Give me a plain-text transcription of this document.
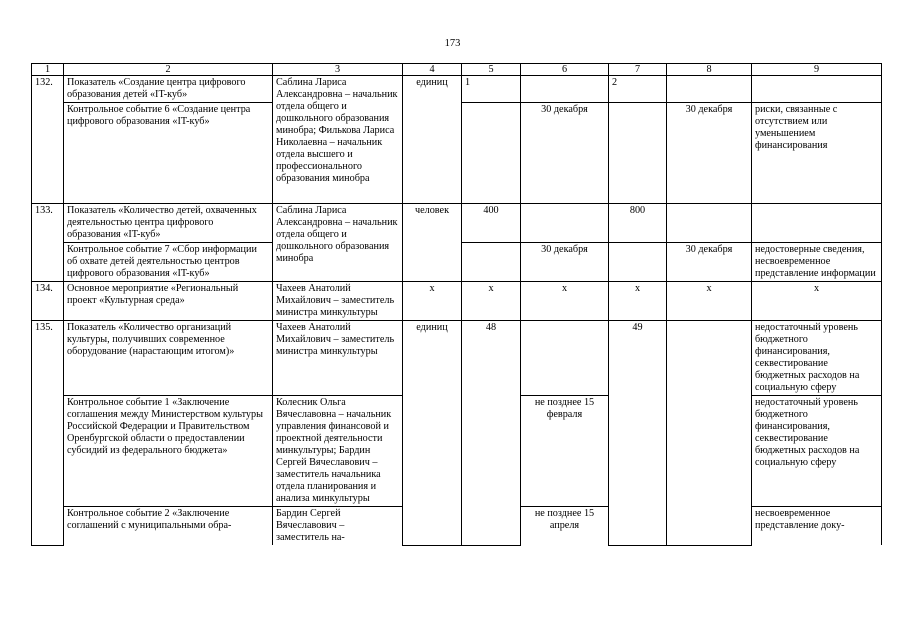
173
1	2	3	4	5	6	7	8	9
132.	Показатель «Создание центра цифрового образования детей «IT-куб»	Саблина Лариса Александровна – начальник отдела общего и дошкольного образования минобра; Филькова Лариса Николаевна – начальник отдела высшего и профессионального образования минобра	единиц	1		2		
	Контрольное событие 6 «Создание центра цифрового образования «IT-куб»				30 декабря		30 декабря	риски, связанные с отсутствием или уменьшением финансирования
133.	Показатель «Количество детей, охваченных деятельностью центра цифрового образования «IT-куб»	Саблина Лариса Александровна – начальник отдела общего и дошкольного образования минобра	человек	400		800		
	Контрольное событие 7 «Сбор информации об охвате детей деятельностью центров цифрового образования «IT-куб»				30 декабря		30 декабря	недостоверные сведения, несвоевременное представление информации
134.	Основное мероприятие «Региональный проект «Культурная среда»	Чахеев Анатолий Михайлович – заместитель министра минкультуры	x	x	x	x	x	x
135.	Показатель «Количество организаций культуры, получивших современное оборудование (нарастающим итогом)»	Чахеев Анатолий Михайлович – заместитель министра минкультуры	единиц	48		49		недостаточный уровень бюджетного финансирования, секвестирование бюджетных расходов на социальную сферу
	Контрольное событие 1 «Заключение соглашения между Министерством культуры Российской Федерации и Правительством Оренбургской области о предоставлении субсидий из федерального бюджета»	Колесник Ольга Вячеславовна – начальник управления финансовой и проектной деятельности минкультуры; Бардин Сергей Вячеславович – заместитель начальника отдела планирования и анализа минкультуры			не позднее 15 февраля			недостаточный уровень бюджетного финансирования, секвестирование бюджетных расходов на социальную сферу
	Контрольное событие 2 «Заключение соглашений с муниципальными обра-	Бардин Сергей Вячеславович – заместитель на-			не позднее 15 апреля			несвоевременное представление доку-
